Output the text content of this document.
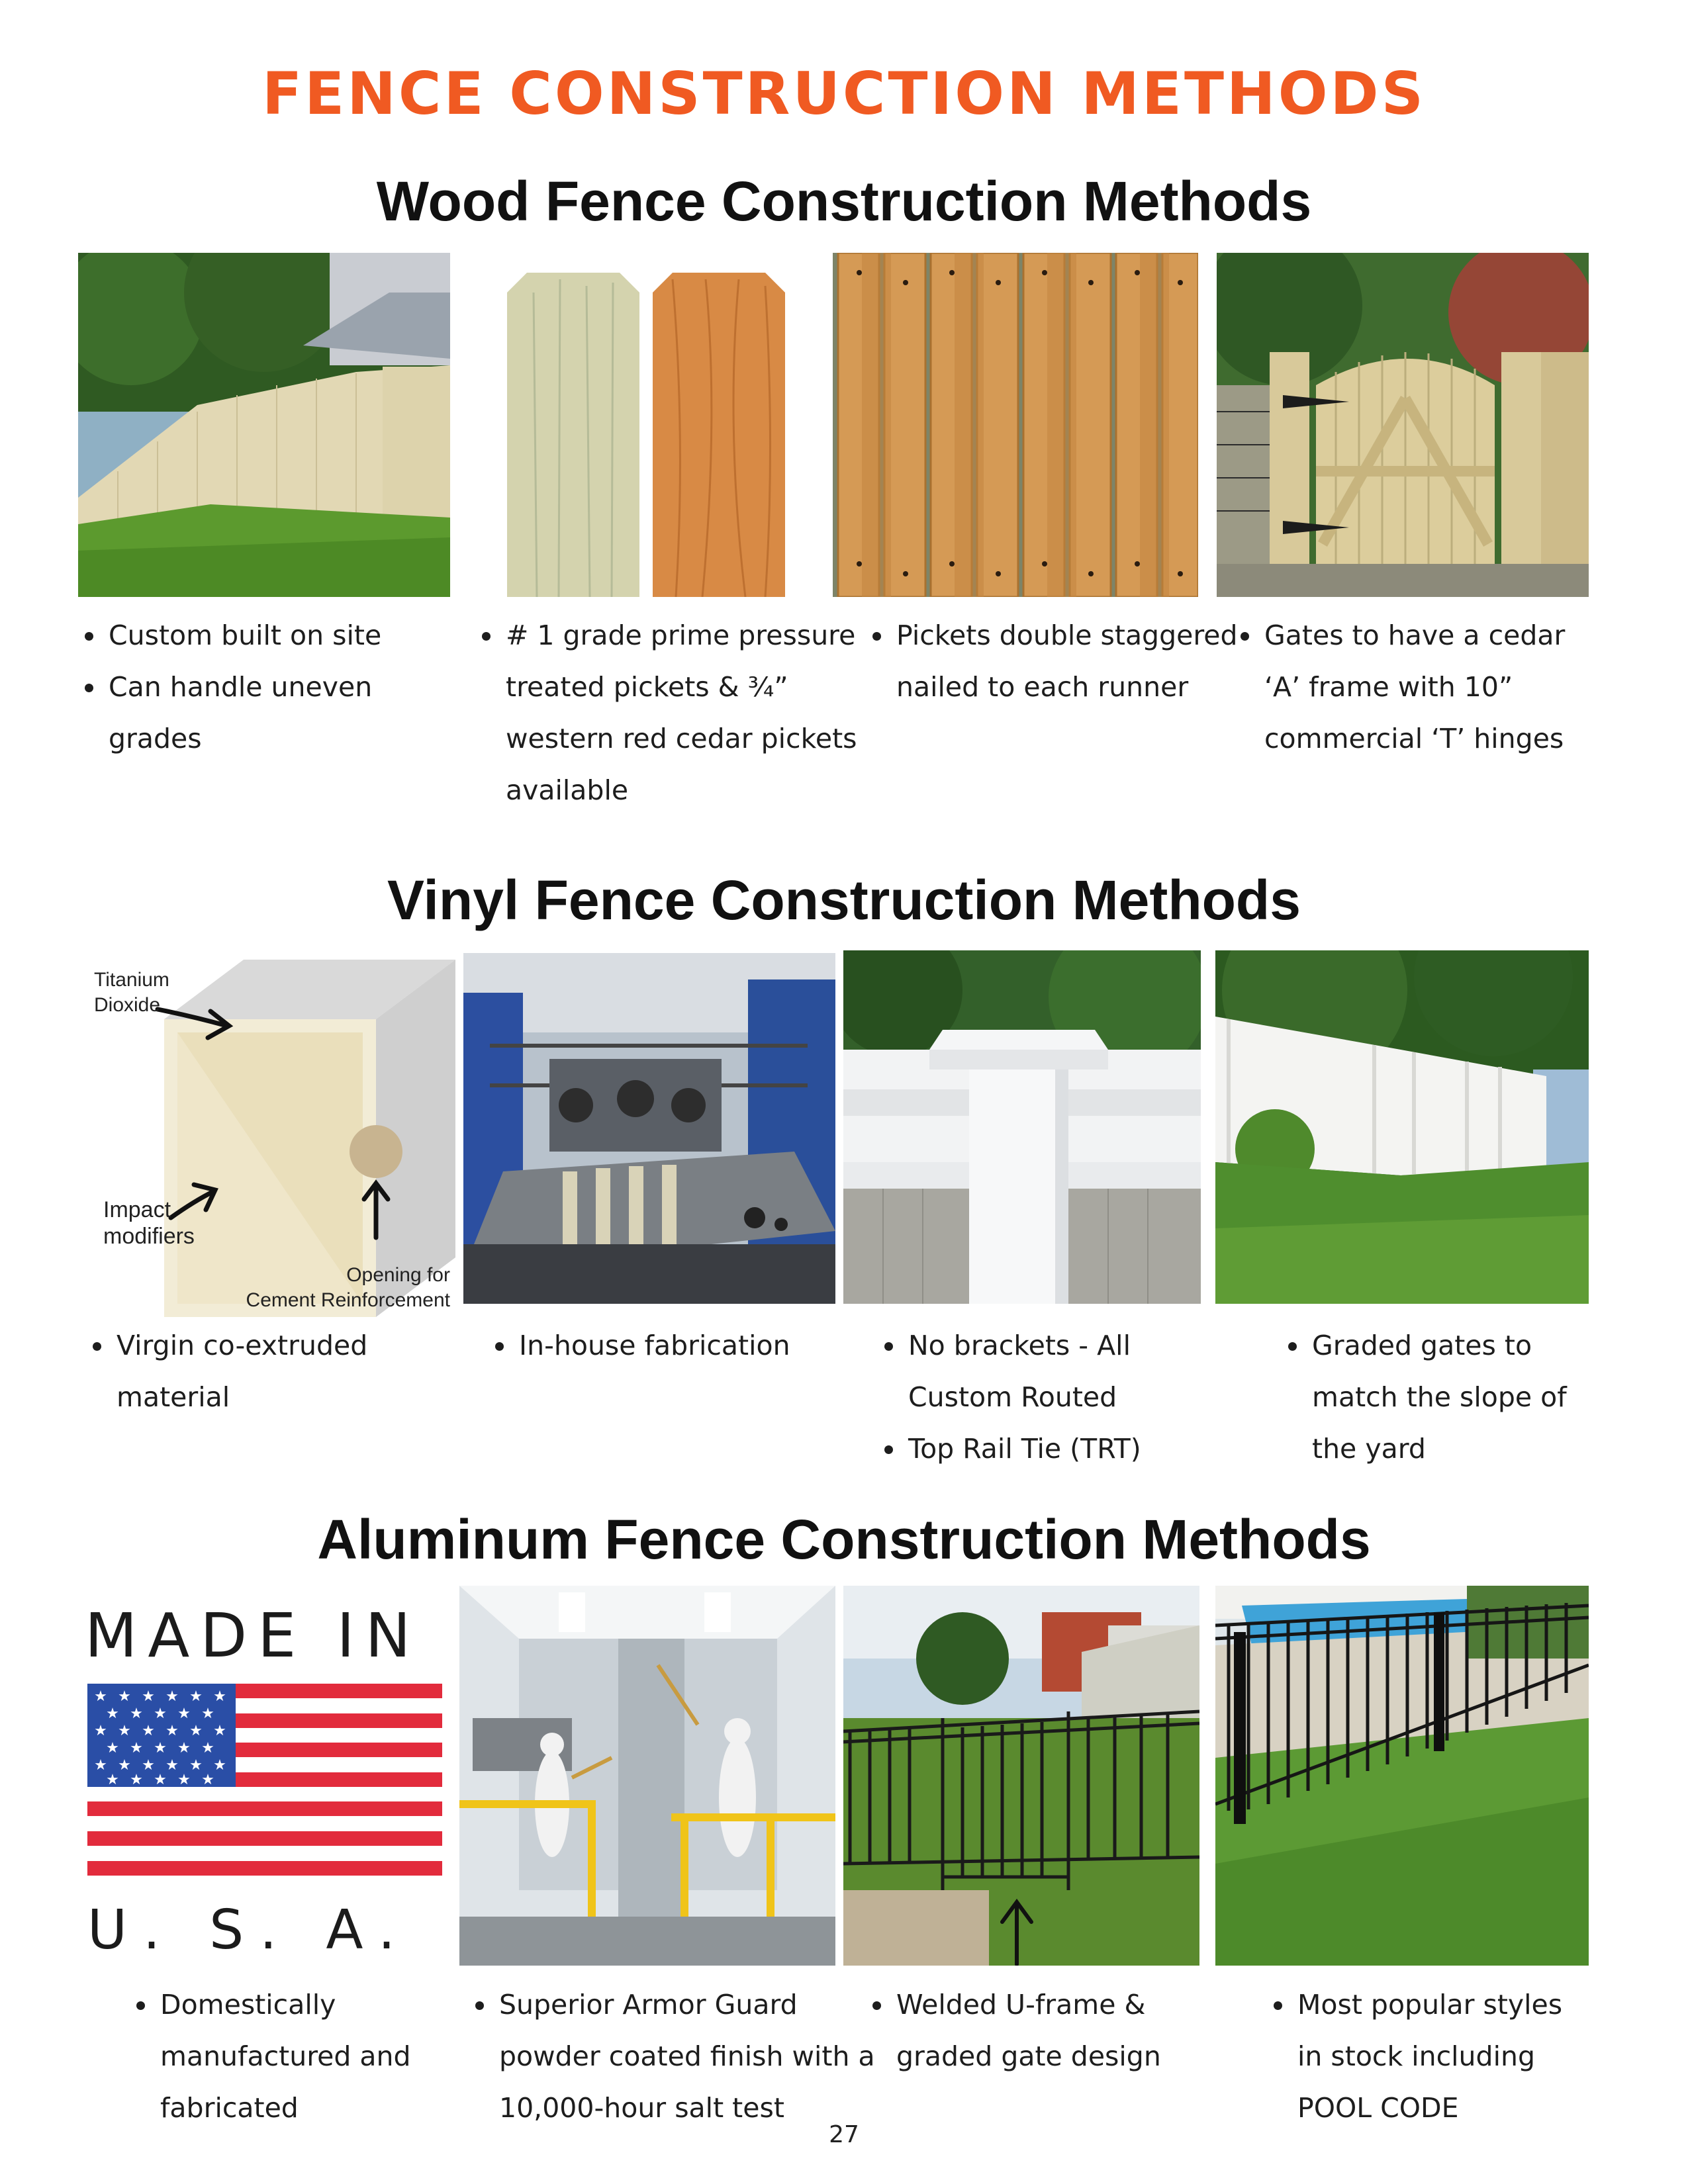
FENCE CONSTRUCTION METHODS
Wood Fence Construction Methods
• Custom built on site
• Can handle uneven grades
• # 1 grade prime pressure treated pickets & ¾” western red cedar pickets available
• Pickets double staggered nailed to each runner
• Gates to have a cedar ‘A’ frame with 10” commercial ‘T’ hinges
Vinyl Fence Construction Methods
Titanium Dioxide
Impact modifiers
Opening for
Cement Reinforcement
• Virgin co-extruded material
• In-house fabrication
•	No brackets - All Custom Routed
• Top Rail Tie (TRT)
• Graded gates to match the slope of the yard
Aluminum Fence Construction Methods
MADE IN
★ ★ ★ ★ ★ ★
★ ★ ★ ★ ★
★ ★ ★ ★ ★ ★
★ ★ ★ ★ ★
★ ★ ★ ★ ★ ★
★ ★ ★ ★ ★
U. S. A.
• Domestically manufactured and fabricated
• Superior Armor Guard powder coated finish with a 10,000-hour salt test
• Welded U-frame & graded gate design
• Most popular styles in stock including POOL CODE
27
